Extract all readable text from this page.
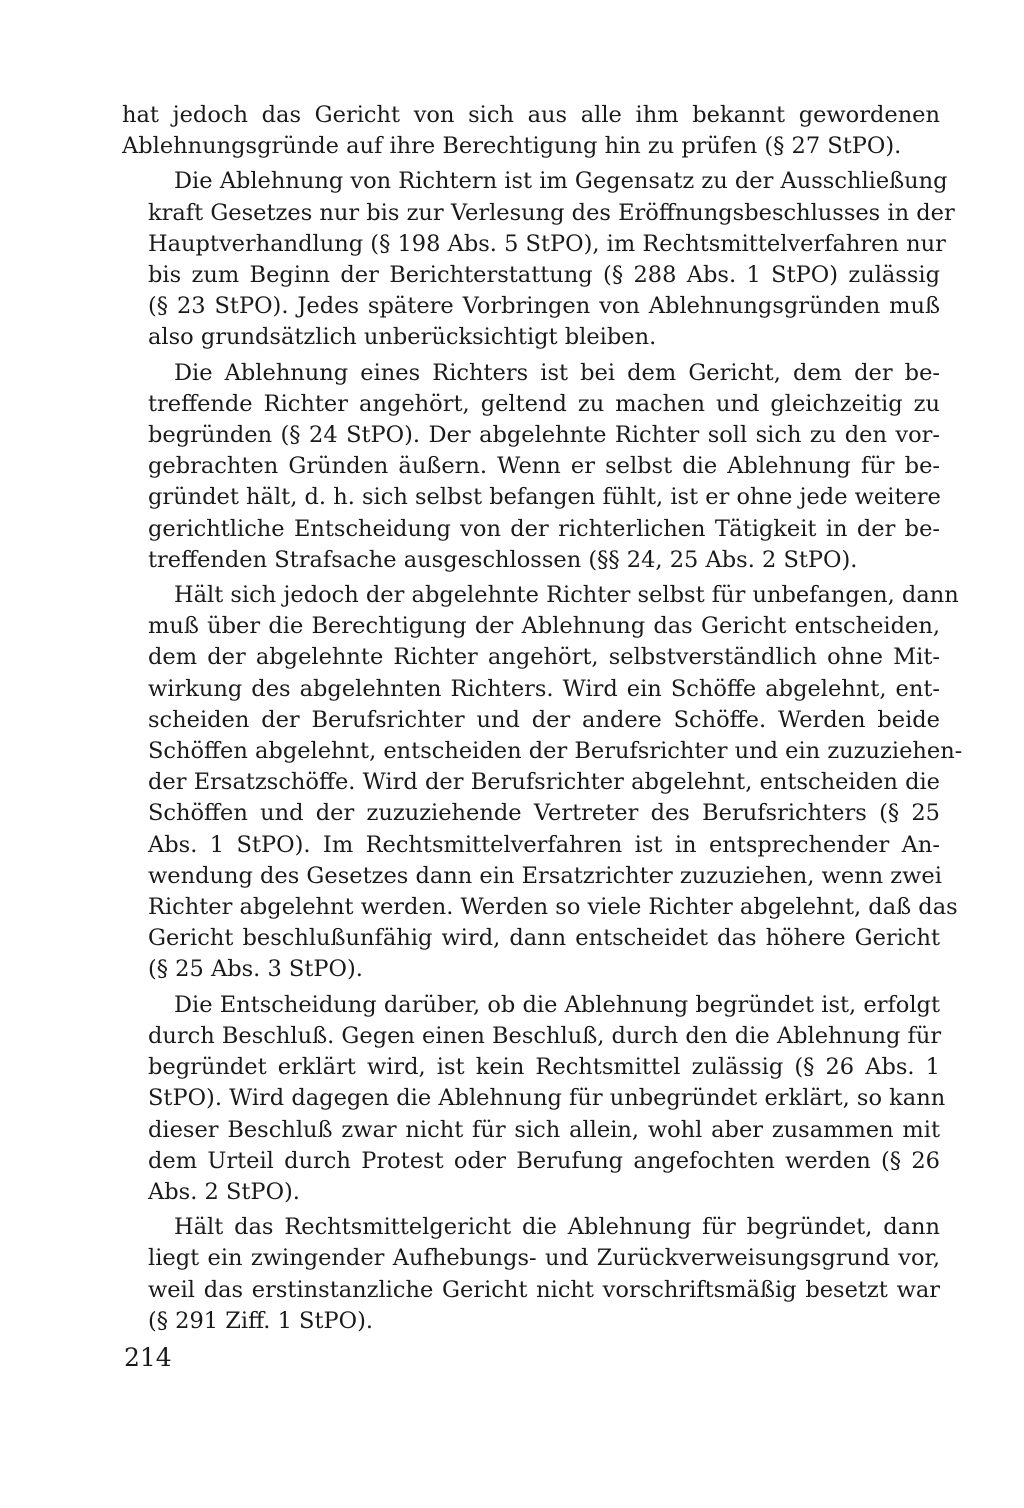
hat jedoch das Gericht von sich aus alle ihm bekannt gewordenen
Ablehnungsgründe auf ihre Berechtigung hin zu prüfen (§ 27 StPO).

Die Ablehnung von Richtern ist im Gegensatz zu der Ausschließung
kraft Gesetzes nur bis zur Verlesung des Eröffnungsbeschlusses in der
Hauptverhandlung (§ 198 Abs. 5 StPO), im Rechtsmittelverfahren nur
bis zum Beginn der Berichterstattung (§ 288 Abs. 1 StPO) zulässig
(§ 23 StPO). Jedes spätere Vorbringen von Ablehnungsgründen muß
also grundsätzlich unberücksichtigt bleiben.

Die Ablehnung eines Richters ist bei dem Gericht, dem der be-
treffende Richter angehört, geltend zu machen und gleichzeitig zu
begründen (§ 24 StPO). Der abgelehnte Richter soll sich zu den vor-
gebrachten Gründen äußern. Wenn er selbst die Ablehnung für be-
gründet hält, d. h. sich selbst befangen fühlt, ist er ohne jede weitere
gerichtliche Entscheidung von der richterlichen Tätigkeit in der be-
treffenden Strafsache ausgeschlossen (§§ 24, 25 Abs. 2 StPO).

Hält sich jedoch der abgelehnte Richter selbst für unbefangen, dann
muß über die Berechtigung der Ablehnung das Gericht entscheiden,
dem der abgelehnte Richter angehört, selbstverständlich ohne Mit-
wirkung des abgelehnten Richters. Wird ein Schöffe abgelehnt, ent-
scheiden der Berufsrichter und der andere Schöffe. Werden beide
Schöffen abgelehnt, entscheiden der Berufsrichter und ein zuzuziehen-
der Ersatzschöffe. Wird der Berufsrichter abgelehnt, entscheiden die
Schöffen und der zuzuziehende Vertreter des Berufsrichters (§ 25
Abs. 1 StPO). Im Rechtsmittelverfahren ist in entsprechender An-
wendung des Gesetzes dann ein Ersatzrichter zuzuziehen, wenn zwei
Richter abgelehnt werden. Werden so viele Richter abgelehnt, daß das
Gericht beschlußunfähig wird, dann entscheidet das höhere Gericht
(§ 25 Abs. 3 StPO).

Die Entscheidung darüber, ob die Ablehnung begründet ist, erfolgt
durch Beschluß. Gegen einen Beschluß, durch den die Ablehnung für
begründet erklärt wird, ist kein Rechtsmittel zulässig (§ 26 Abs. 1
StPO). Wird dagegen die Ablehnung für unbegründet erklärt, so kann
dieser Beschluß zwar nicht für sich allein, wohl aber zusammen mit
dem Urteil durch Protest oder Berufung angefochten werden (§ 26
Abs. 2 StPO).

Hält das Rechtsmittelgericht die Ablehnung für begründet, dann
liegt ein zwingender Aufhebungs- und Zurückverweisungsgrund vor,
weil das erstinstanzliche Gericht nicht vorschriftsmäßig besetzt war
(§ 291 Ziff. 1 StPO).

214
